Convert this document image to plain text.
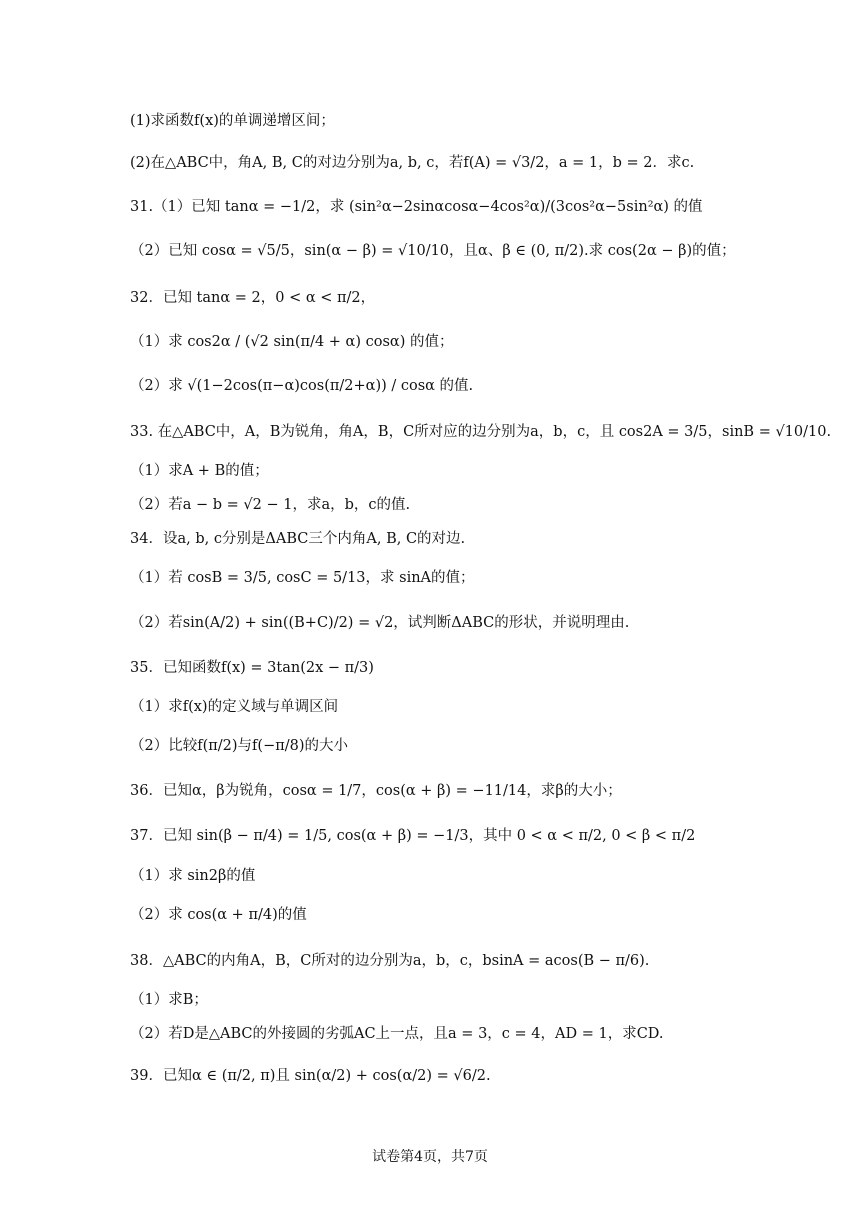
(1)求函数f(x)的单调递增区间；
(2)在△ABC中，角A, B, C的对边分别为a, b, c，若f(A) = √3/2，a = 1，b = 2．求c.
31.（1）已知 tanα = −1/2，求 (sin²α−2sinαcosα−4cos²α)/(3cos²α−5sin²α) 的值
（2）已知 cosα = √5/5，sin(α − β) = √10/10，且α、β ∈ (0, π/2).求 cos(2α − β)的值；
32．已知 tanα = 2，0 < α < π/2，
（1）求 cos2α / (√2 sin(π/4 + α) cosα) 的值；
（2）求 √(1−2cos(π−α)cos(π/2+α)) / cosα 的值.
33. 在△ABC中，A，B为锐角，角A，B，C所对应的边分别为a，b，c，且 cos2A = 3/5，sinB = √10/10.
（1）求A + B的值；
（2）若a − b = √2 − 1，求a，b，c的值.
34．设a, b, c分别是ΔABC三个内角A, B, C的对边.
（1）若 cosB = 3/5, cosC = 5/13，求 sinA的值；
（2）若sin(A/2) + sin((B+C)/2) = √2，试判断ΔABC的形状，并说明理由.
35．已知函数f(x) = 3tan(2x − π/3)
（1）求f(x)的定义域与单调区间
（2）比较f(π/2)与f(−π/8)的大小
36．已知α，β为锐角，cosα = 1/7，cos(α + β) = −11/14，求β的大小；
37．已知 sin(β − π/4) = 1/5, cos(α + β) = −1/3，其中 0 < α < π/2, 0 < β < π/2
（1）求 sin2β的值
（2）求 cos(α + π/4)的值
38．△ABC的内角A，B，C所对的边分别为a，b，c，bsinA = acos(B − π/6).
（1）求B；
（2）若D是△ABC的外接圆的劣弧AC上一点，且a = 3，c = 4，AD = 1，求CD.
39．已知α ∈ (π/2, π)且 sin(α/2) + cos(α/2) = √6/2.
试卷第4页，共7页
